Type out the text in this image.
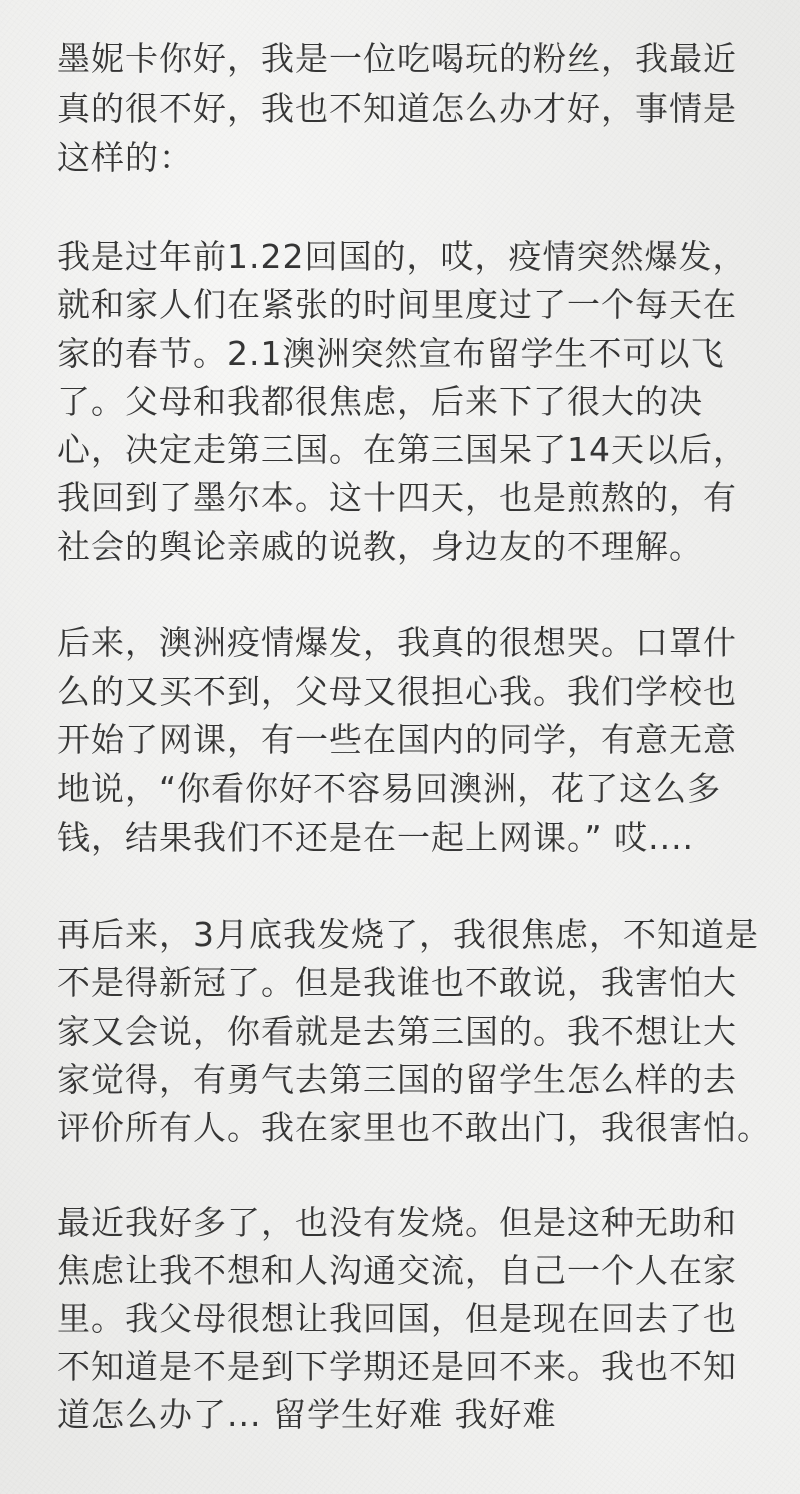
墨妮卡你好，我是一位吃喝玩的粉丝，我最近
真的很不好，我也不知道怎么办才好，事情是
这样的：
我是过年前1.22回国的，哎，疫情突然爆发，
就和家人们在紧张的时间里度过了一个每天在
家的春节。2.1澳洲突然宣布留学生不可以飞
了。父母和我都很焦虑，后来下了很大的决
心，决定走第三国。在第三国呆了14天以后，
我回到了墨尔本。这十四天，也是煎熬的，有
社会的舆论亲戚的说教，身边友的不理解。
后来，澳洲疫情爆发，我真的很想哭。口罩什
么的又买不到，父母又很担心我。我们学校也
开始了网课，有一些在国内的同学，有意无意
地说，“你看你好不容易回澳洲，花了这么多
钱，结果我们不还是在一起上网课。” 哎....
再后来，3月底我发烧了，我很焦虑，不知道是
不是得新冠了。但是我谁也不敢说，我害怕大
家又会说，你看就是去第三国的。我不想让大
家觉得，有勇气去第三国的留学生怎么样的去
评价所有人。我在家里也不敢出门，我很害怕。
最近我好多了，也没有发烧。但是这种无助和
焦虑让我不想和人沟通交流，自己一个人在家
里。我父母很想让我回国，但是现在回去了也
不知道是不是到下学期还是回不来。我也不知
道怎么办了... 留学生好难 我好难
